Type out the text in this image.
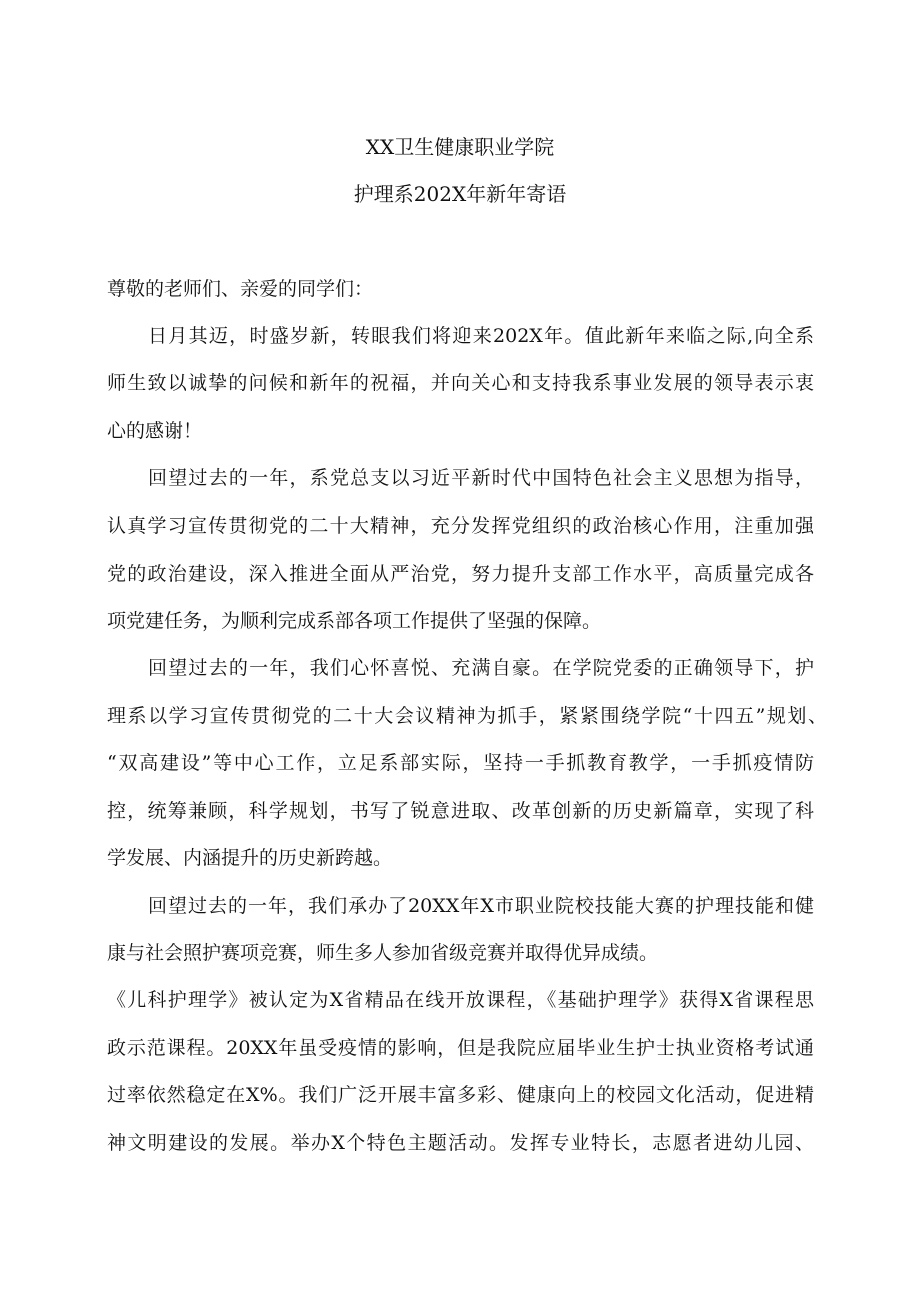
XX卫生健康职业学院
护理系202X年新年寄语
尊敬的老师们、亲爱的同学们：
日月其迈，时盛岁新，转眼我们将迎来202X年。值此新年来临之际,向全系
师生致以诚挚的问候和新年的祝福，并向关心和支持我系事业发展的领导表示衷
心的感谢！
回望过去的一年，系党总支以习近平新时代中国特色社会主义思想为指导，
认真学习宣传贯彻党的二十大精神，充分发挥党组织的政治核心作用，注重加强
党的政治建设，深入推进全面从严治党，努力提升支部工作水平，高质量完成各
项党建任务，为顺利完成系部各项工作提供了坚强的保障。
回望过去的一年，我们心怀喜悦、充满自豪。在学院党委的正确领导下，护
理系以学习宣传贯彻党的二十大会议精神为抓手，紧紧围绕学院“十四五”规划、
“双高建设”等中心工作，立足系部实际，坚持一手抓教育教学，一手抓疫情防
控，统筹兼顾，科学规划，书写了锐意进取、改革创新的历史新篇章，实现了科
学发展、内涵提升的历史新跨越。
回望过去的一年，我们承办了20XX年X市职业院校技能大赛的护理技能和健
康与社会照护赛项竞赛，师生多人参加省级竞赛并取得优异成绩。
《儿科护理学》被认定为X省精品在线开放课程，《基础护理学》获得X省课程思
政示范课程。20XX年虽受疫情的影响，但是我院应届毕业生护士执业资格考试通
过率依然稳定在X%。我们广泛开展丰富多彩、健康向上的校园文化活动，促进精
神文明建设的发展。举办X个特色主题活动。发挥专业特长，志愿者进幼儿园、
